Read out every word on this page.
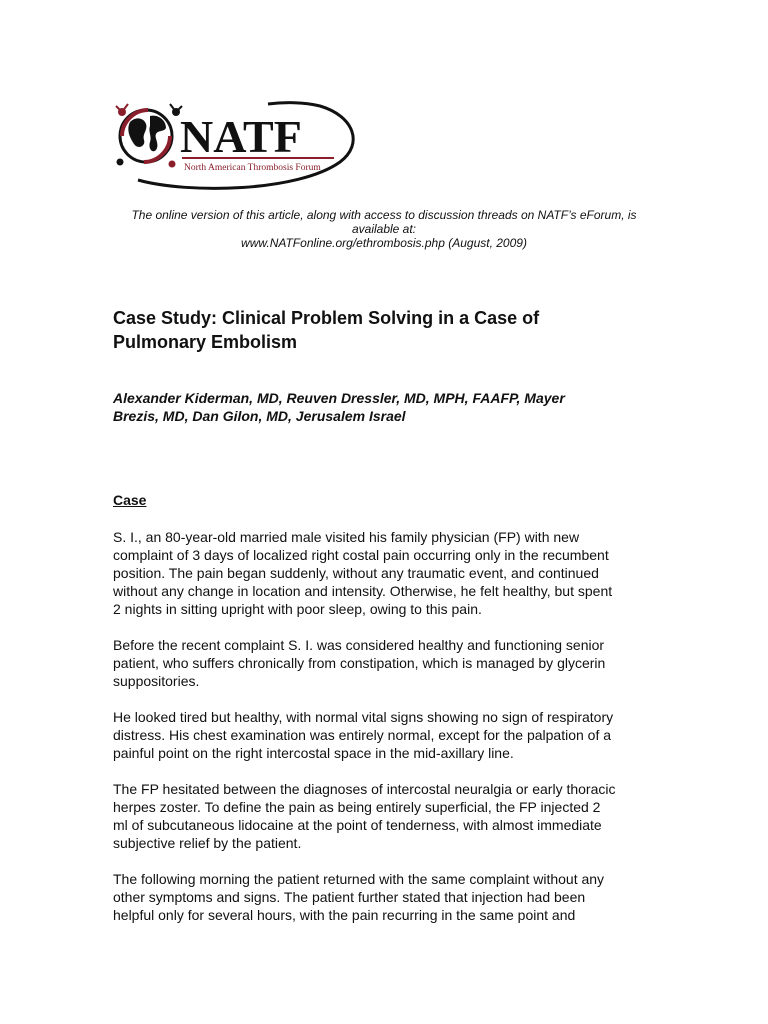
NATF
North American Thrombosis Forum

The online version of this article, along with access to discussion threads on NATF’s eForum, is

available at:

www.NATFonline.org/ethrombosis.php (August, 2009)

Case Study: Clinical Problem Solving in a Case of
Pulmonary Embolism

Alexander Kiderman, MD, Reuven Dressler, MD, MPH, FAAFP, Mayer
Brezis, MD, Dan Gilon, MD, Jerusalem Israel

Case

S. I., an 80-year-old married male visited his family physician (FP) with new
complaint of 3 days of localized right costal pain occurring only in the recumbent
position. The pain began suddenly, without any traumatic event, and continued
without any change in location and intensity. Otherwise, he felt healthy, but spent
2 nights in sitting upright with poor sleep, owing to this pain.

Before the recent complaint S. I. was considered healthy and functioning senior
patient, who suffers chronically from constipation, which is managed by glycerin
suppositories.

He looked tired but healthy, with normal vital signs showing no sign of respiratory
distress. His chest examination was entirely normal, except for the palpation of a
painful point on the right intercostal space in the mid-axillary line.

The FP hesitated between the diagnoses of intercostal neuralgia or early thoracic
herpes zoster. To define the pain as being entirely superficial, the FP injected 2
ml of subcutaneous lidocaine at the point of tenderness, with almost immediate
subjective relief by the patient.

The following morning the patient returned with the same complaint without any
other symptoms and signs. The patient further stated that injection had been
helpful only for several hours, with the pain recurring in the same point and
